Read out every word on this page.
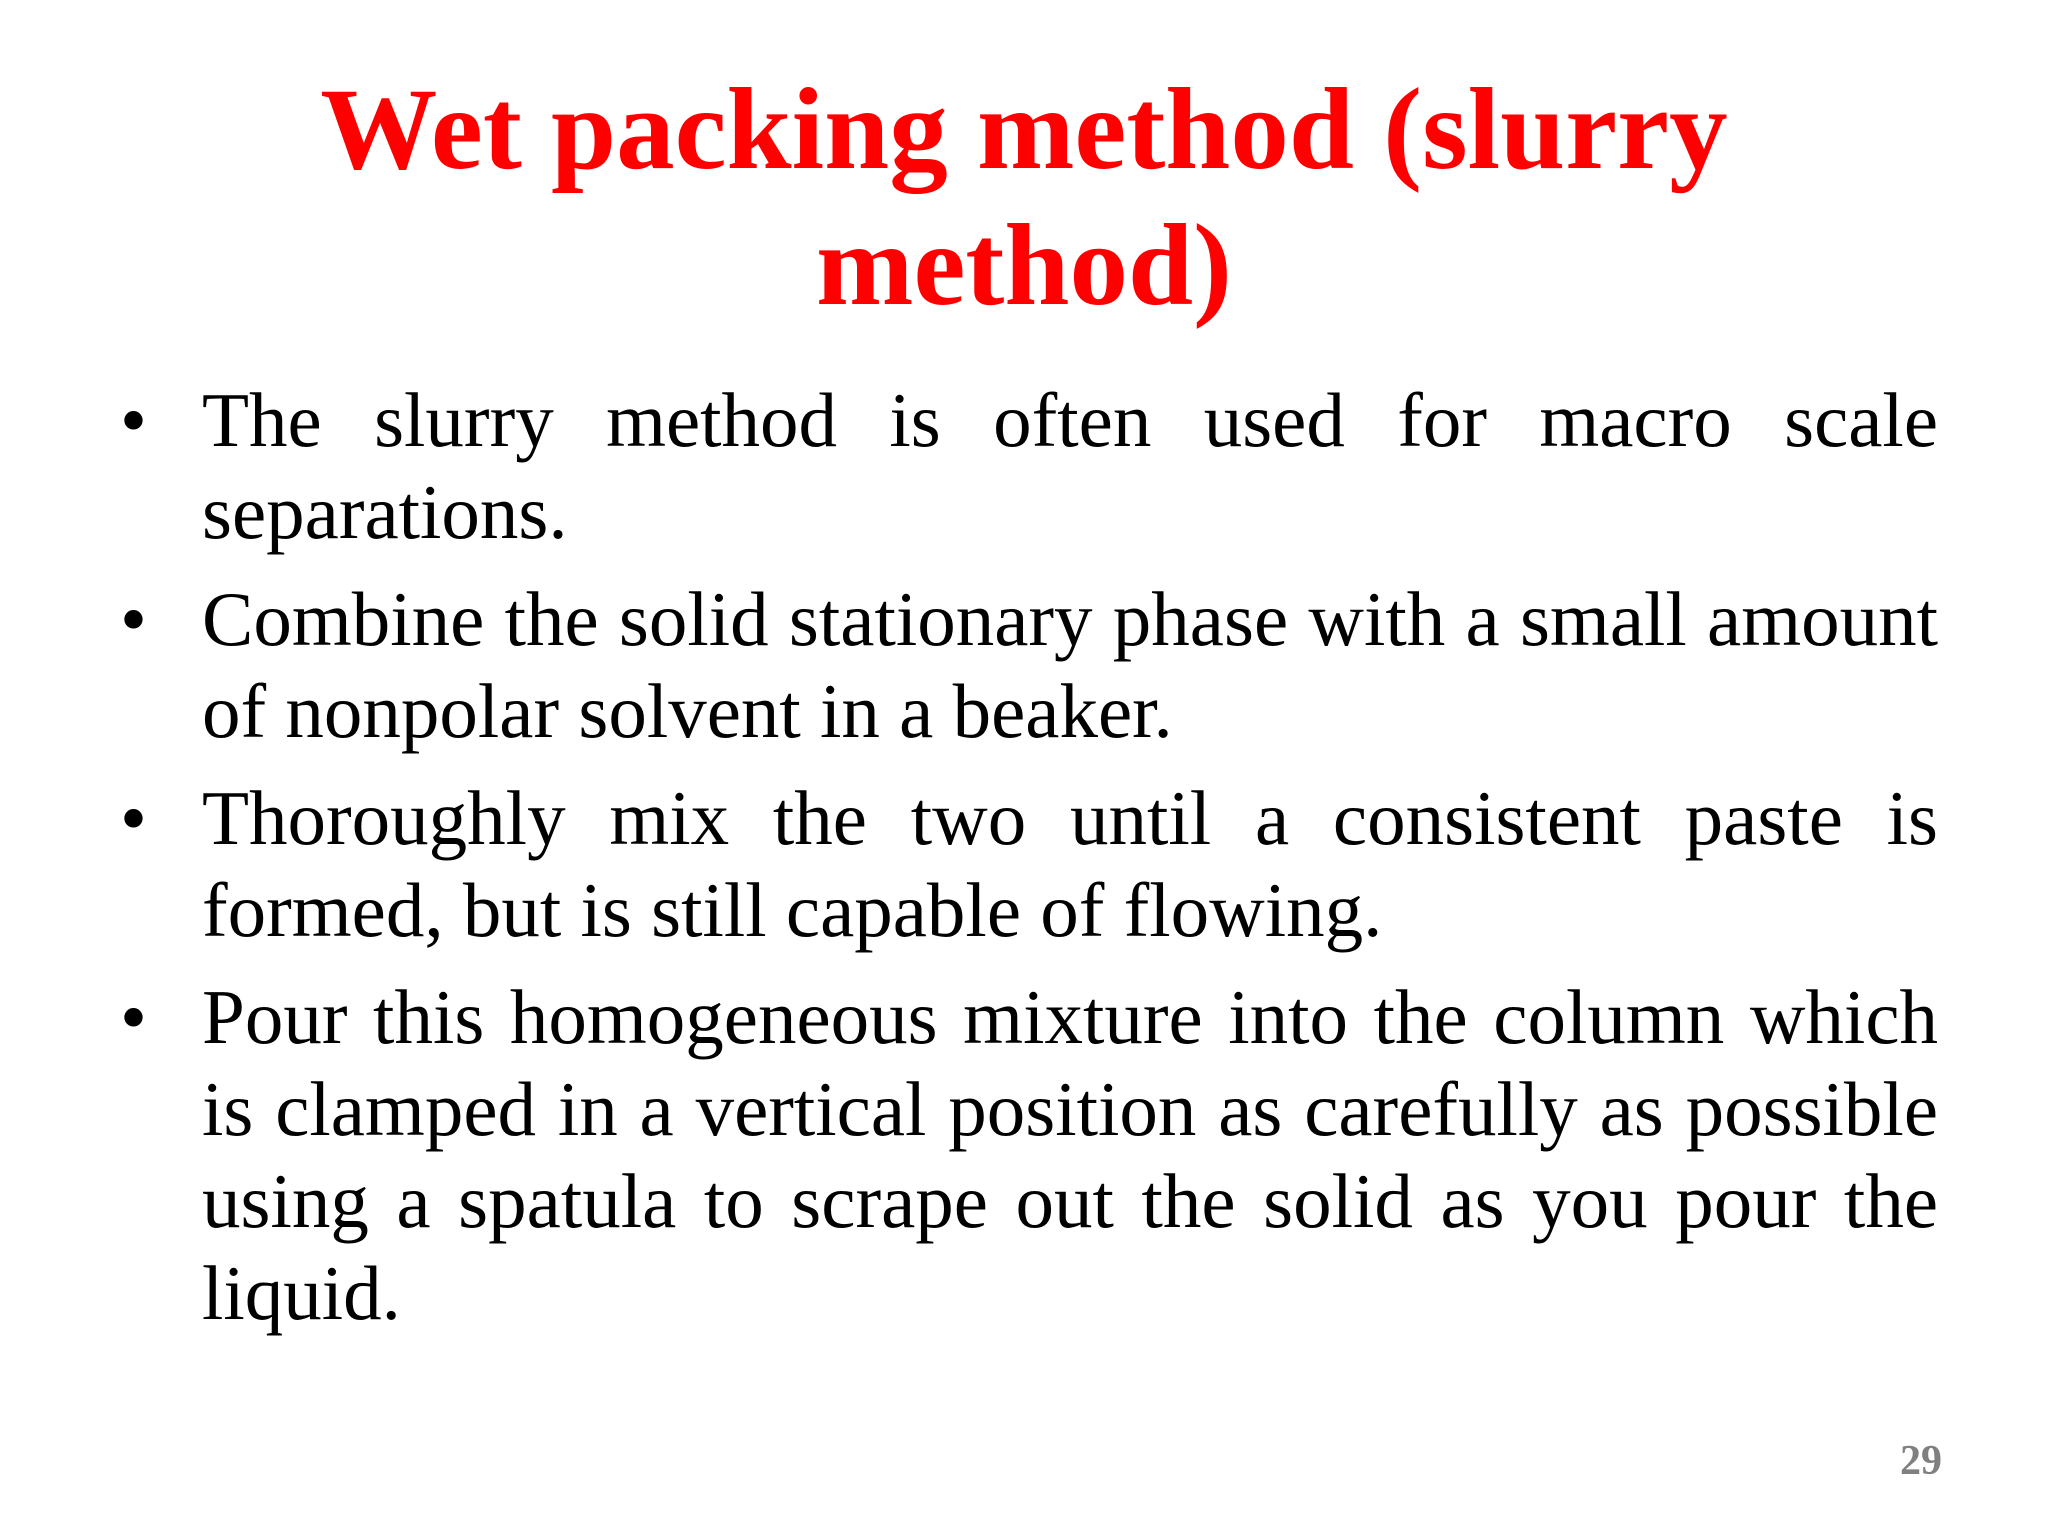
Wet packing method (slurry method)
• The slurry method is often used for macro scale separations.
• Combine the solid stationary phase with a small amount of nonpolar solvent in a beaker.
• Thoroughly mix the two until a consistent paste is formed, but is still capable of flowing.
• Pour this homogeneous mixture into the column which is clamped in a vertical position as carefully as possible using a spatula to scrape out the solid as you pour the liquid.
29
